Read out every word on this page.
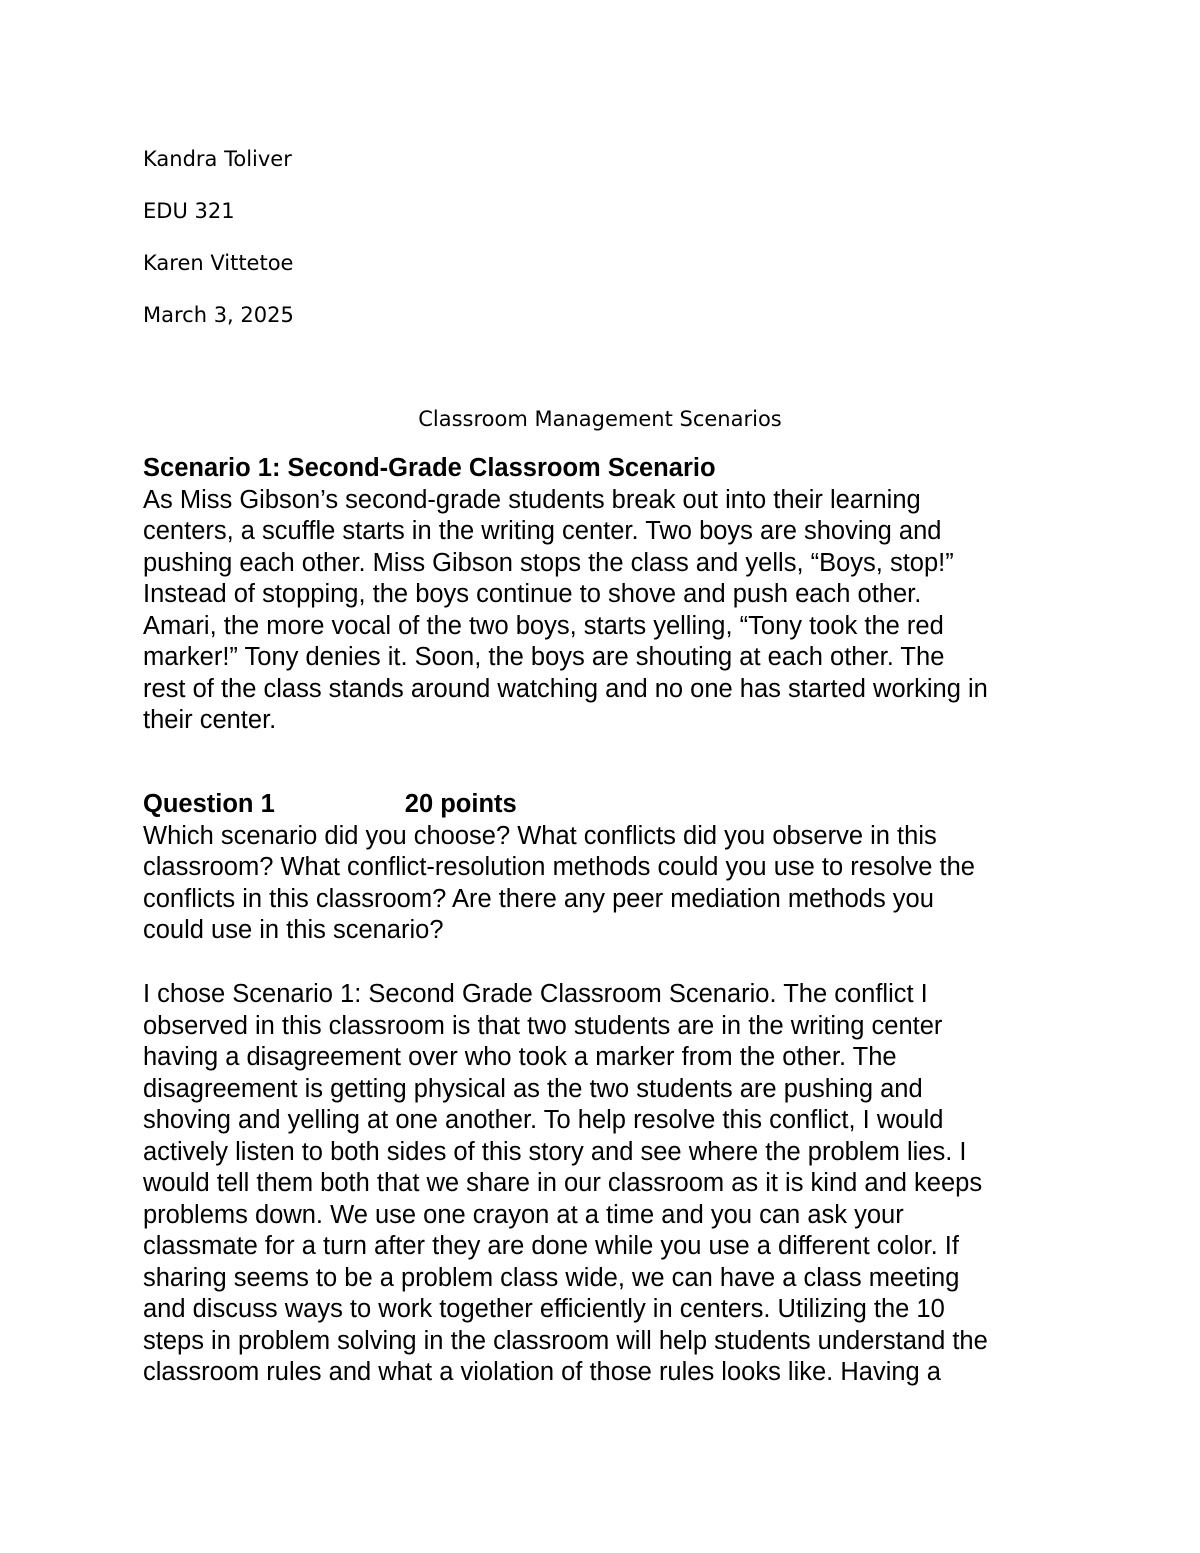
Kandra Toliver

EDU 321

Karen Vittetoe

March 3, 2025

Classroom Management Scenarios

Scenario 1: Second-Grade Classroom Scenario
As Miss Gibson’s second-grade students break out into their learning
centers, a scuffle starts in the writing center. Two boys are shoving and
pushing each other. Miss Gibson stops the class and yells, “Boys, stop!”
Instead of stopping, the boys continue to shove and push each other.
Amari, the more vocal of the two boys, starts yelling, “Tony took the red
marker!” Tony denies it. Soon, the boys are shouting at each other. The
rest of the class stands around watching and no one has started working in
their center.
Question 1	20 points
Which scenario did you choose? What conflicts did you observe in this
classroom? What conflict-resolution methods could you use to resolve the
conflicts in this classroom? Are there any peer mediation methods you
could use in this scenario?
I chose Scenario 1: Second Grade Classroom Scenario. The conflict I
observed in this classroom is that two students are in the writing center
having a disagreement over who took a marker from the other. The
disagreement is getting physical as the two students are pushing and
shoving and yelling at one another. To help resolve this conflict, I would
actively listen to both sides of this story and see where the problem lies. I
would tell them both that we share in our classroom as it is kind and keeps
problems down. We use one crayon at a time and you can ask your
classmate for a turn after they are done while you use a different color. If
sharing seems to be a problem class wide, we can have a class meeting
and discuss ways to work together efficiently in centers. Utilizing the 10
steps in problem solving in the classroom will help students understand the
classroom rules and what a violation of those rules looks like. Having a
